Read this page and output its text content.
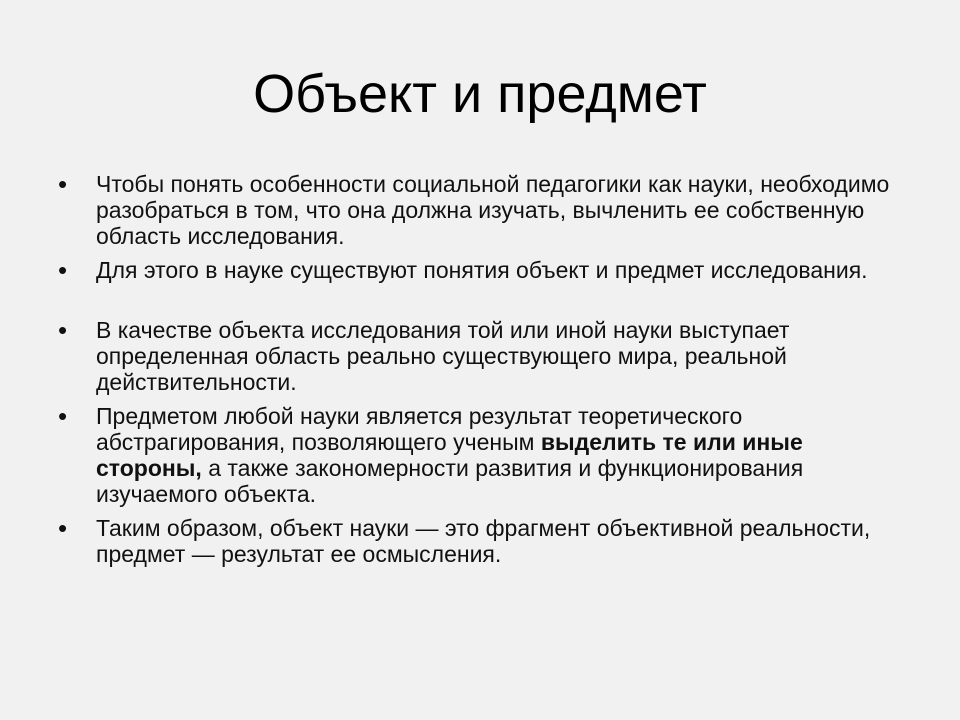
Объект и предмет
• Чтобы понять особенности социальной педагогики как науки, необходимо разобраться в том, что она должна изучать, вычленить ее собственную область исследования.
• Для этого в науке существуют понятия объект и предмет исследования.
• В качестве объекта исследования той или иной науки выступает определенная область реально существующего мира, реальной действительности.
• Предметом любой науки является результат теоретического абстрагирования, позволяющего ученым выделить те или иные стороны, а также закономерности развития и функционирования изучаемого объекта.
• Таким образом, объект науки — это фрагмент объективной реальности, предмет — результат ее осмысления.
